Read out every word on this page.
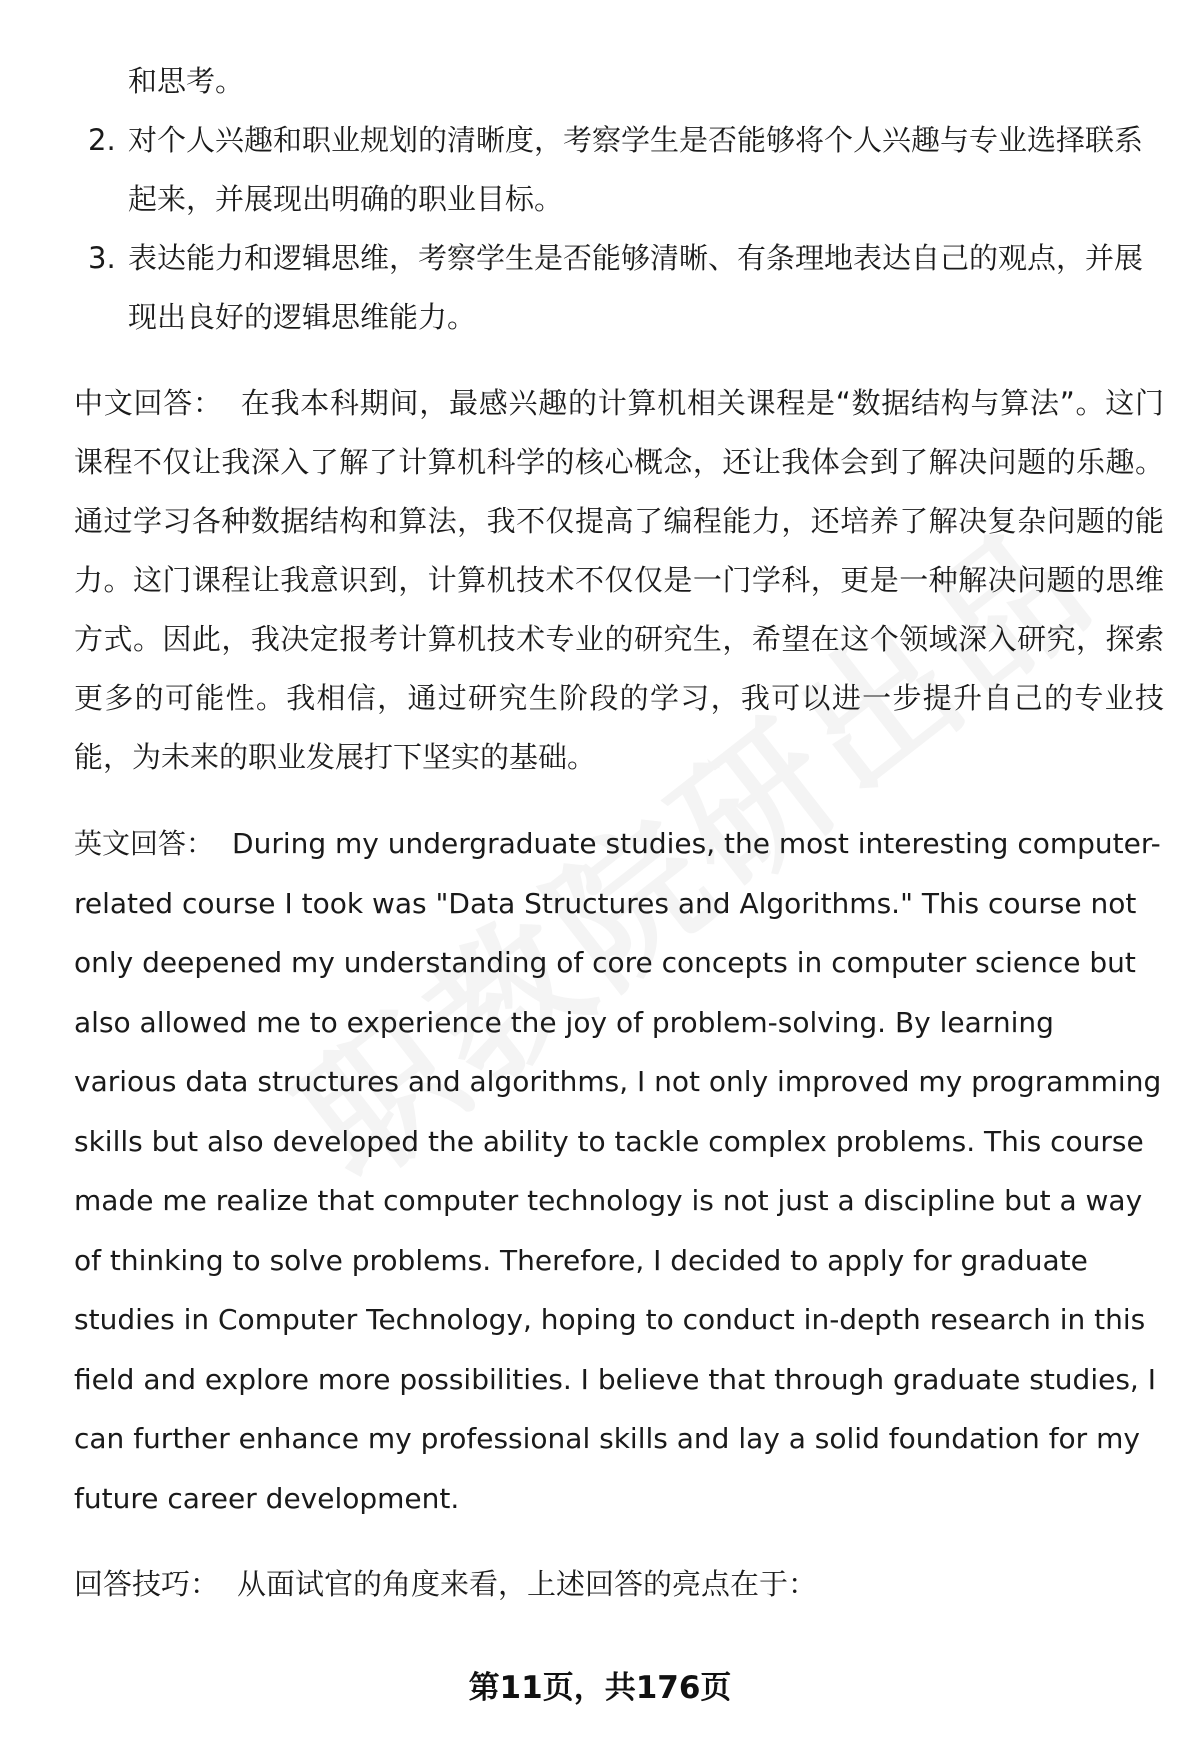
和思考。

2. 对个人兴趣和职业规划的清晰度，考察学生是否能够将个人兴趣与专业选择联系起来，并展现出明确的职业目标。
3. 表达能力和逻辑思维，考察学生是否能够清晰、有条理地表达自己的观点，并展现出良好的逻辑思维能力。

中文回答： 在我本科期间，最感兴趣的计算机相关课程是“数据结构与算法”。这门课程不仅让我深入了解了计算机科学的核心概念，还让我体会到了解决问题的乐趣。通过学习各种数据结构和算法，我不仅提高了编程能力，还培养了解决复杂问题的能力。这门课程让我意识到，计算机技术不仅仅是一门学科，更是一种解决问题的思维方式。因此，我决定报考计算机技术专业的研究生，希望在这个领域深入研究，探索更多的可能性。我相信，通过研究生阶段的学习，我可以进一步提升自己的专业技能，为未来的职业发展打下坚实的基础。

英文回答： During my undergraduate studies, the most interesting computer-related course I took was "Data Structures and Algorithms." This course not only deepened my understanding of core concepts in computer science but also allowed me to experience the joy of problem-solving. By learning various data structures and algorithms, I not only improved my programming skills but also developed the ability to tackle complex problems. This course made me realize that computer technology is not just a discipline but a way of thinking to solve problems. Therefore, I decided to apply for graduate studies in Computer Technology, hoping to conduct in-depth research in this field and explore more possibilities. I believe that through graduate studies, I can further enhance my professional skills and lay a solid foundation for my future career development.

回答技巧： 从面试官的角度来看，上述回答的亮点在于：

第11页，共176页
